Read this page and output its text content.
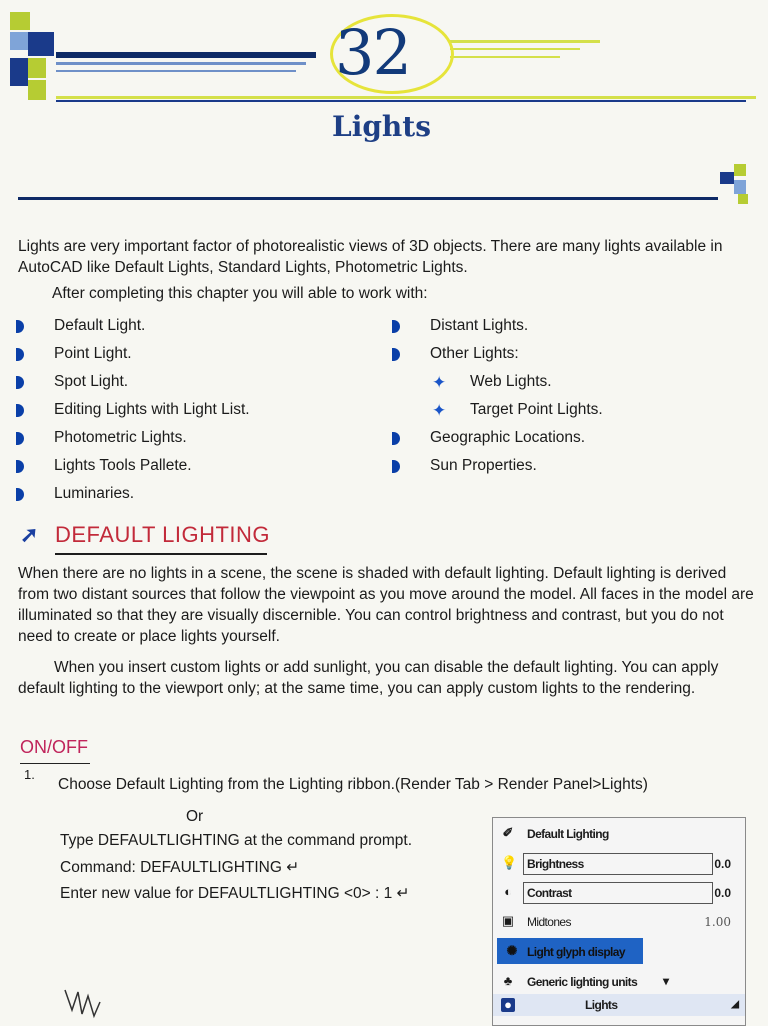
32
Lights

Lights are very important factor of photorealistic views of 3D objects. There are many lights available in AutoCAD like Default Lights, Standard Lights, Photometric Lights.

After completing this chapter you will able to work with:

Default Light.
Point Light.
Spot Light.
Editing Lights with Light List.
Photometric Lights.
Lights Tools Pallete.
Luminaries.
Distant Lights.
Other Lights:
✦ Web Lights.
✦ Target Point Lights.
Geographic Locations.
Sun Properties.
➚ DEFAULT LIGHTING

When there are no lights in a scene, the scene is shaded with default lighting. Default lighting is derived from two distant sources that follow the viewpoint as you move around the model. All faces in the model are illuminated so that they are visually discernible. You can control brightness and contrast, but you do not need to create or place lights yourself.

When you insert custom lights or add sunlight, you can disable the default lighting. You can apply default lighting to the viewport only; at the same time, you can apply custom lights to the rendering.

ON/OFF
1.
Choose Default Lighting from the Lighting ribbon.(Render Tab > Render Panel>Lights)
Or
Type DEFAULTLIGHTING at the command prompt.
Command: DEFAULTLIGHTING ↵
Enter new value for DEFAULTLIGHTING <0> : 1 ↵
✐ Default Lighting
💡 Brightness	0.0
◐ Contrast	0.0
▣ Midtones	1.00
✺ Light glyph display
♣ Generic lighting units ▾
●	Lights	◢
